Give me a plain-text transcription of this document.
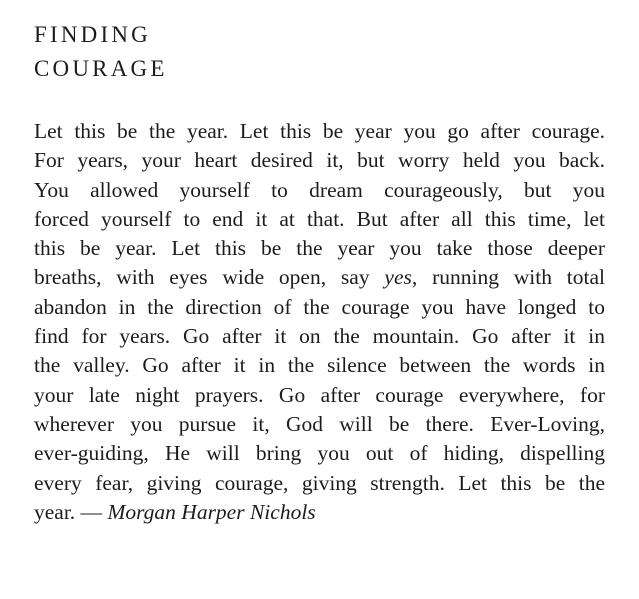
FINDING
COURAGE
Let this be the year. Let this be year you go after courage.
For years, your heart desired it, but worry held you back.
You allowed yourself to dream courageously, but you
forced yourself to end it at that. But after all this time, let
this be year. Let this be the year you take those deeper
breaths, with eyes wide open, say yes, running with total
abandon in the direction of the courage you have longed to
find for years. Go after it on the mountain. Go after it in
the valley. Go after it in the silence between the words in
your late night prayers. Go after courage everywhere, for
wherever you pursue it, God will be there. Ever-Loving,
ever-guiding, He will bring you out of hiding, dispelling
every fear, giving courage, giving strength. Let this be the
year. — Morgan Harper Nichols
